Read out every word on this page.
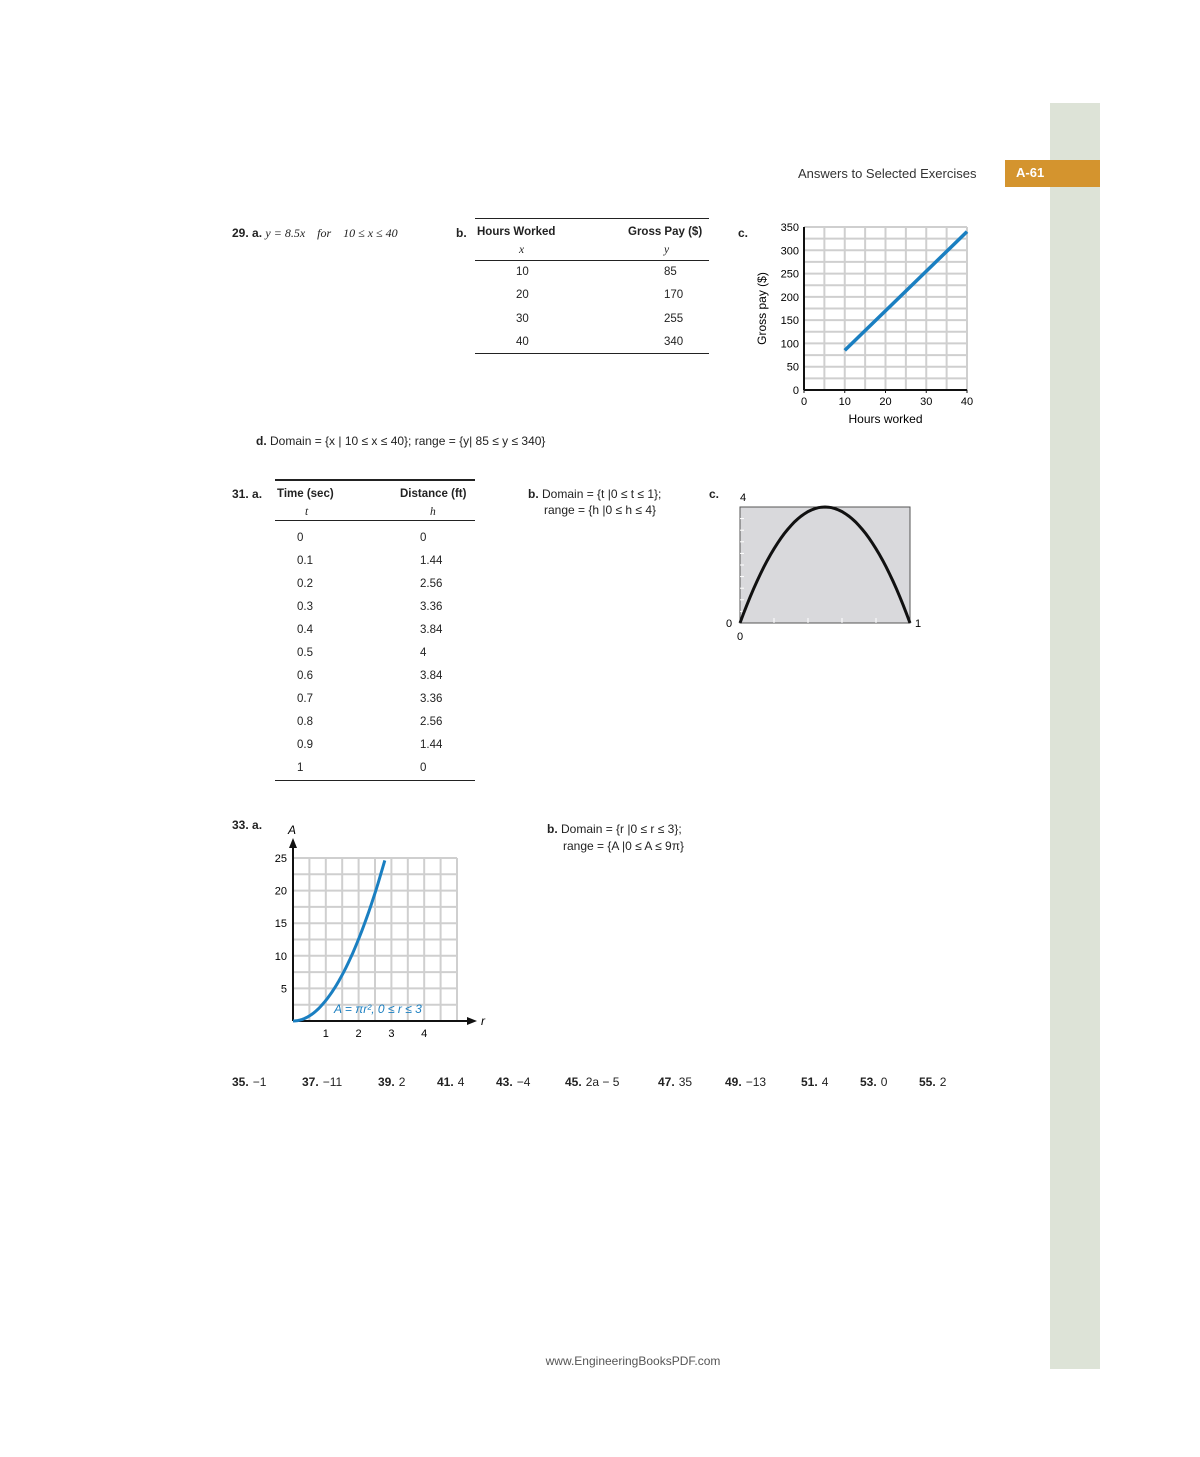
A-61
Answers to Selected Exercises
29. a. y = 8.5x    for    10 ≤ x ≤ 40	b. Hours Worked	Gross Pay ($)
x	y
10	85
20	170
30	255
40	340
c.
0
50
100
150
200
250
300
350
0	10	20	30	40
Hours worked
Gross pay ($)
d. Domain = {x | 10 ≤ x ≤ 40}; range = {y| 85 ≤ y ≤ 340}
31. a. Time (sec)	Distance (ft)
t	h
0	0
0.1	1.44
0.2	2.56
0.3	3.36
0.4	3.84
0.5	4
0.6	3.84
0.7	3.36
0.8	2.56
0.9	1.44
1	0
b. Domain = {t |0 ≤ t ≤ 1};
range = {h |0 ≤ h ≤ 4}
c. 4
0
0
1
33. a.
5
10
15
20
25
1 2 3 4
A
r
A = πr², 0 ≤ r ≤ 3
b. Domain = {r |0 ≤ r ≤ 3};
range = {A |0 ≤ A ≤ 9π}
35. −1	37. −11	39. 2	41. 4	43. −4	45. 2a − 5	47. 35	49. −13	51. 4	53. 0	55. 2
www.EngineeringBooksPDF.com
